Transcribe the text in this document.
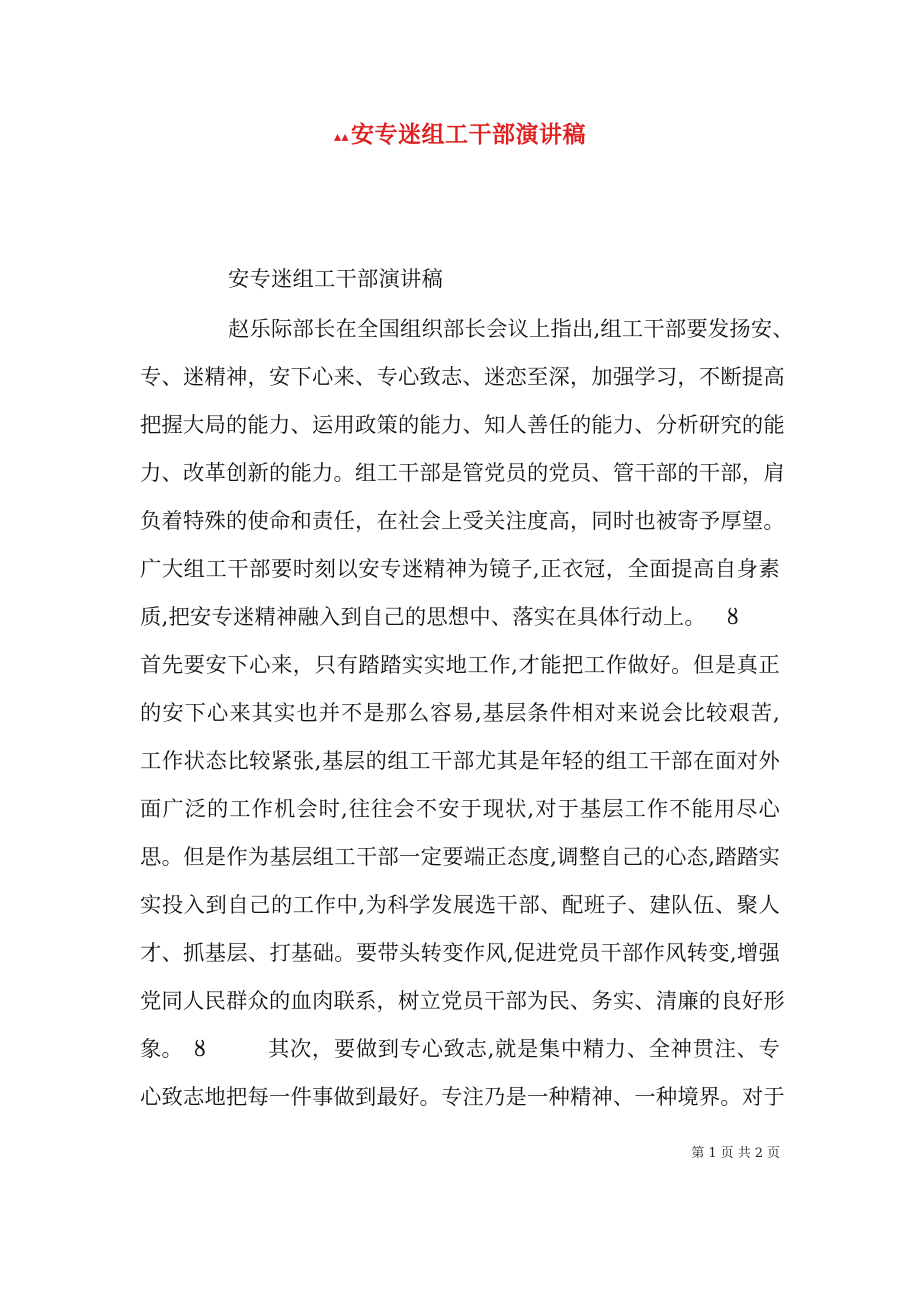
▴▴安专迷组工干部演讲稿
安专迷组工干部演讲稿
赵乐际部长在全国组织部长会议上指出,组工干部要发扬安、
专、迷精神，安下心来、专心致志、迷恋至深，加强学习，不断提高
把握大局的能力、运用政策的能力、知人善任的能力、分析研究的能
力、改革创新的能力。组工干部是管党员的党员、管干部的干部，肩
负着特殊的使命和责任，在社会上受关注度高，同时也被寄予厚望。
广大组工干部要时刻以安专迷精神为镜子,正衣冠，全面提高自身素
质,把安专迷精神融入到自己的思想中、落实在具体行动上。 ȣ
首先要安下心来，只有踏踏实实地工作,才能把工作做好。但是真正
的安下心来其实也并不是那么容易,基层条件相对来说会比较艰苦,
工作状态比较紧张,基层的组工干部尤其是年轻的组工干部在面对外
面广泛的工作机会时,往往会不安于现状,对于基层工作不能用尽心
思。但是作为基层组工干部一定要端正态度,调整自己的心态,踏踏实
实投入到自己的工作中,为科学发展选干部、配班子、建队伍、聚人
才、抓基层、打基础。要带头转变作风,促进党员干部作风转变,增强
党同人民群众的血肉联系，树立党员干部为民、务实、清廉的良好形
象。 ȣ	其次，要做到专心致志,就是集中精力、全神贯注、专
心致志地把每一件事做到最好。专注乃是一种精神、一种境界。对于
第 1 页 共 2 页
